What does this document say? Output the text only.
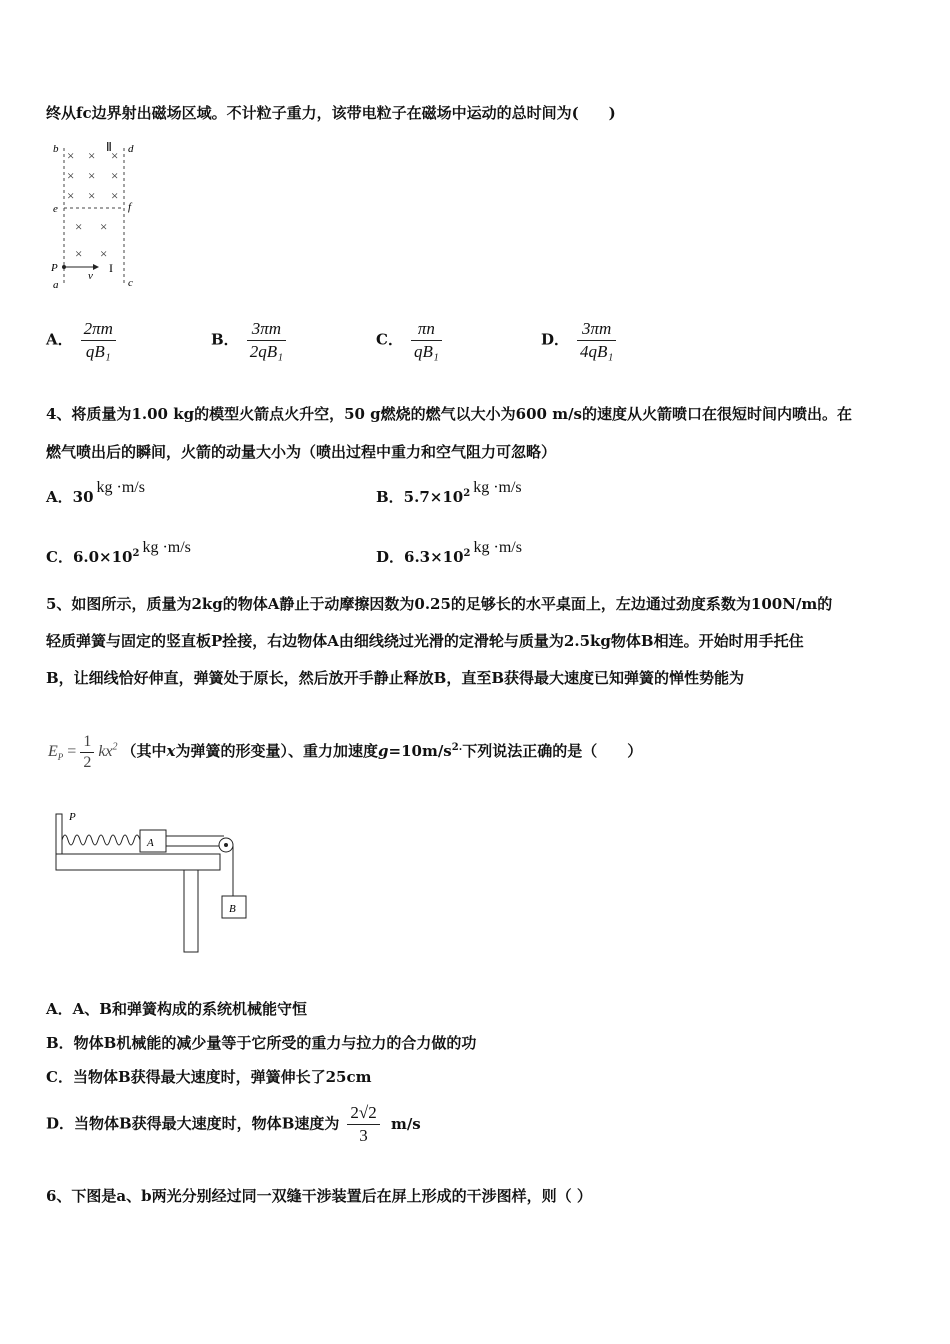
终从fc边界射出磁场区域。不计粒子重力，该带电粒子在磁场中运动的总时间为(　　)
× × ×
× × ×
× × ×
× ×
× ×
b	d
Ⅱ
e	f
P
v
I
a	c
A． $\frac{2\pi m}{\text{qB₁}}$	B． $\frac{3\pi m}{\text{2qB₁}}$	C． $\frac{\pi n}{\text{qB₁}}$	D． $\frac{3\pi m}{\text{4qB₁}}$
4、将质量为1.00 kg的模型火箭点火升空，50 g燃烧的燃气以大小为600 m/s的速度从火箭喷口在很短时间内喷出。在
燃气喷出后的瞬间，火箭的动量大小为（喷出过程中重力和空气阻力可忽略）
A．30kg ·m/s
B．$5.7\times 10^2$ kg ·m/s
C．$6.0\times 10^2$ kg ·m/s
D．$6.3\times 10^2$ kg ·m/s
5、如图所示，质量为2kg的物体A静止于动摩擦因数为0.25的足够长的水平桌面上，左边通过劲度系数为100N/m的
轻质弹簧与固定的竖直板P拴接，右边物体A由细线绕过光滑的定滑轮与质量为2.5kg物体B相连。开始时用手托住
B，让细线恰好伸直，弹簧处于原长，然后放开手静止释放B，直至B获得最大速度已知弹簧的惮性势能为
$E_P = \frac{1}{2} kx^2$ （其中x为弹簧的形变量）、重力加速度$g=10m/s^{2.}$下列说法正确的是（　　）
P
A
B
A．A、B和弹簧构成的系统机械能守恒
B．物体B机械能的减少量等于它所受的重力与拉力的合力做的功
C．当物体B获得最大速度时，弹簧伸长了25cm
D．当物体B获得最大速度时，物体B速度为 $\frac{2√2}{3} m/s$
6、下图是a、b两光分别经过同一双缝干涉装置后在屏上形成的干涉图样，则（ ）
